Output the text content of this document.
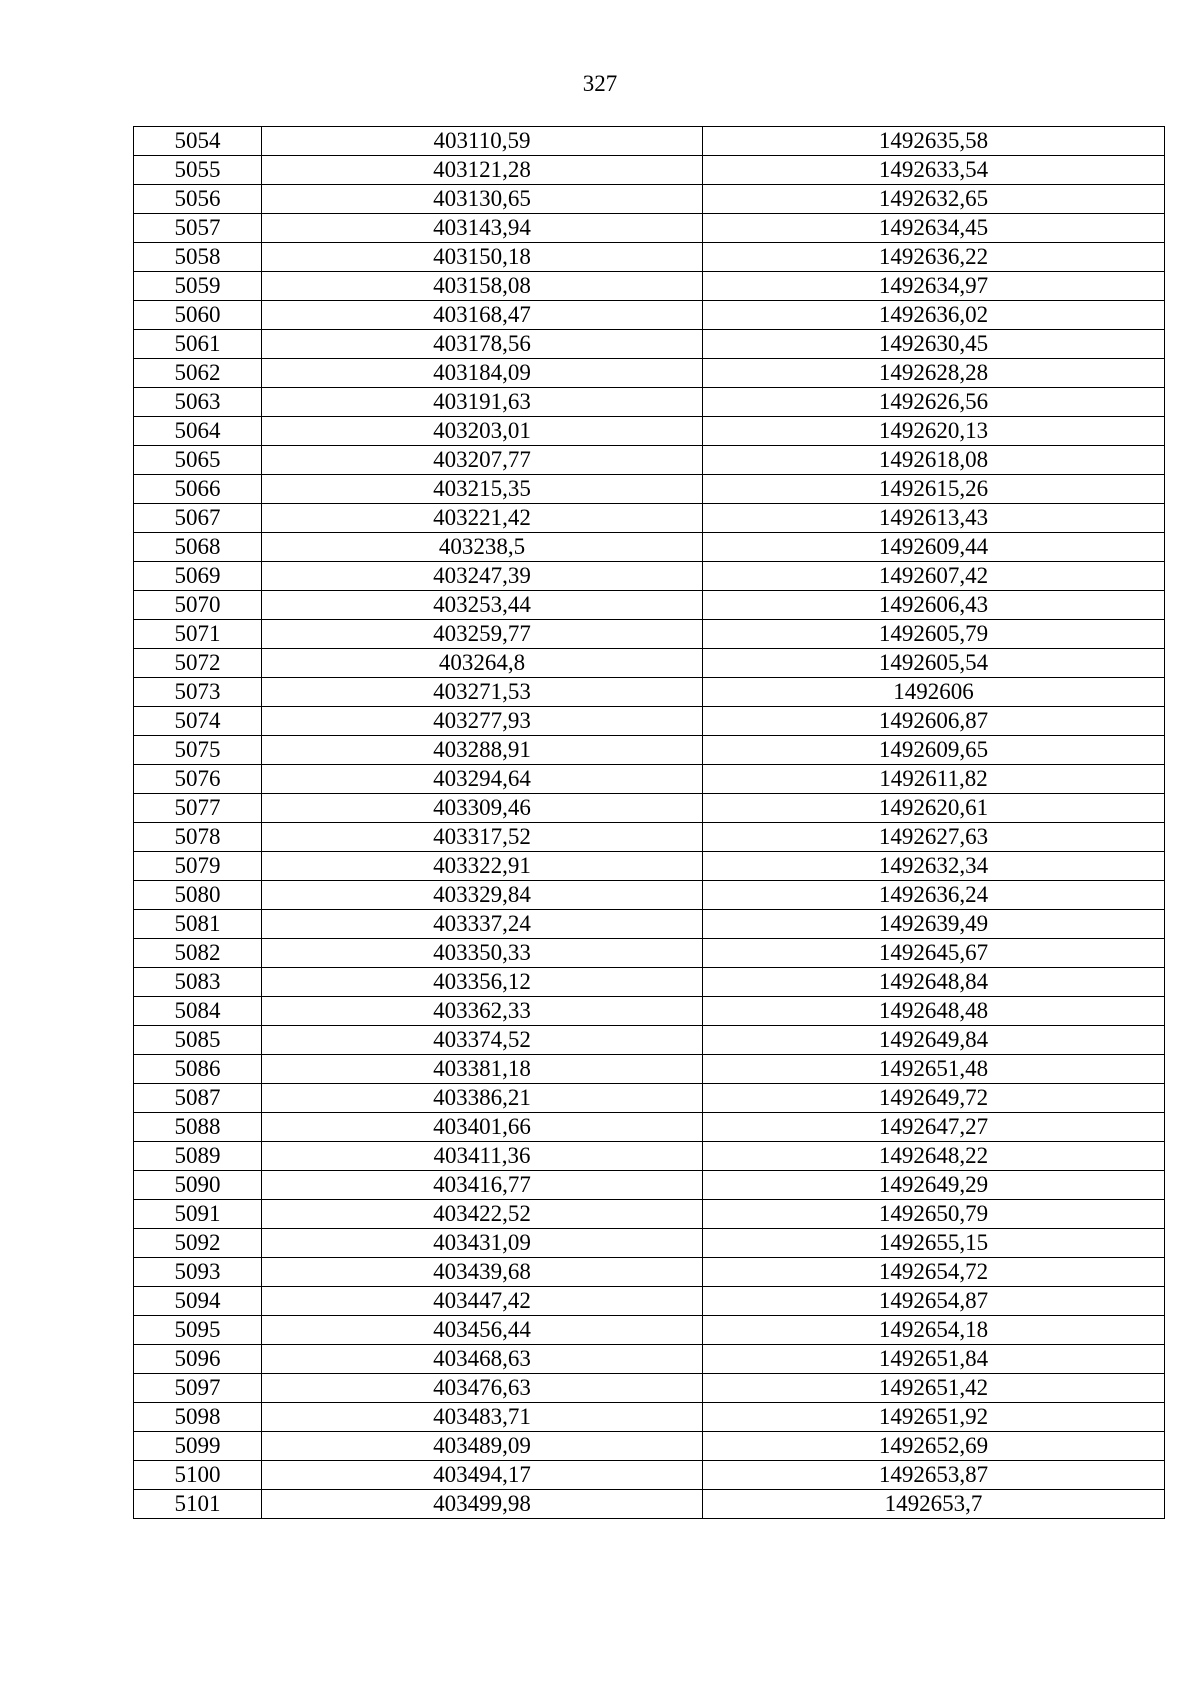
327
5054	403110,59	1492635,58
5055	403121,28	1492633,54
5056	403130,65	1492632,65
5057	403143,94	1492634,45
5058	403150,18	1492636,22
5059	403158,08	1492634,97
5060	403168,47	1492636,02
5061	403178,56	1492630,45
5062	403184,09	1492628,28
5063	403191,63	1492626,56
5064	403203,01	1492620,13
5065	403207,77	1492618,08
5066	403215,35	1492615,26
5067	403221,42	1492613,43
5068	403238,5	1492609,44
5069	403247,39	1492607,42
5070	403253,44	1492606,43
5071	403259,77	1492605,79
5072	403264,8	1492605,54
5073	403271,53	1492606
5074	403277,93	1492606,87
5075	403288,91	1492609,65
5076	403294,64	1492611,82
5077	403309,46	1492620,61
5078	403317,52	1492627,63
5079	403322,91	1492632,34
5080	403329,84	1492636,24
5081	403337,24	1492639,49
5082	403350,33	1492645,67
5083	403356,12	1492648,84
5084	403362,33	1492648,48
5085	403374,52	1492649,84
5086	403381,18	1492651,48
5087	403386,21	1492649,72
5088	403401,66	1492647,27
5089	403411,36	1492648,22
5090	403416,77	1492649,29
5091	403422,52	1492650,79
5092	403431,09	1492655,15
5093	403439,68	1492654,72
5094	403447,42	1492654,87
5095	403456,44	1492654,18
5096	403468,63	1492651,84
5097	403476,63	1492651,42
5098	403483,71	1492651,92
5099	403489,09	1492652,69
5100	403494,17	1492653,87
5101	403499,98	1492653,7
